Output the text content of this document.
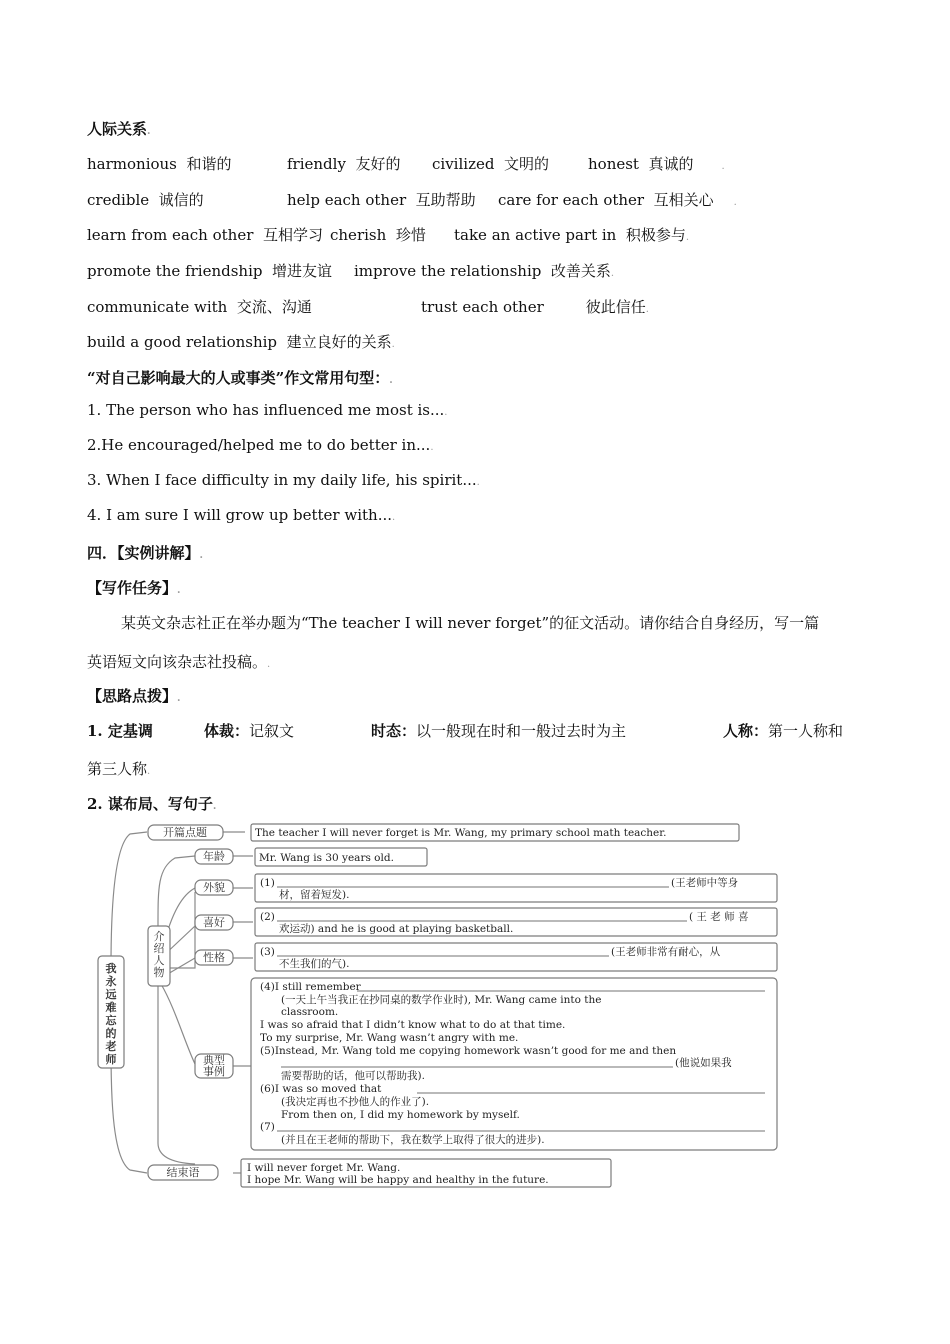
人际关系.
harmonious 和谐的	friendly 友好的 civilized 文明的	honest 真诚的	.
credible 诚信的	help each other 互助帮助 care for each other 互相关心 .
learn from each other 互相学习 cherish 珍惜 take an active part in 积极参与.
promote the friendship 增进友谊 improve the relationship 改善关系.
communicate with 交流、沟通	trust each other	彼此信任.
build a good relationship 建立良好的关系.
“对自己影响最大的人或事类”作文常用句型：.
1. The person who has influenced me most is....
2.He encouraged/helped me to do better in....
3. When I face difficulty in my daily life, his spirit....
4. I am sure I will grow up better with....
四．【实例讲解】.
【写作任务】.
某英文杂志社正在举办题为“The teacher I will never forget”的征文活动。请你结合自身经历，写一篇
英语短文向该杂志社投稿。.
【思路点拨】.
1. 定基调	体裁：记叙文	时态：以一般现在时和一般过去时为主	人称：第一人称和
第三人称.
2. 谋布局、写句子.
我永远难忘的老师
介绍人物
开篇点题	The teacher I will never forget is Mr. Wang, my primary school math teacher.
年龄	Mr. Wang is 30 years old.
外貌	(1)	(王老师中等身
材，留着短发).
喜好	(2)	( 王 老 师 喜
欢运动) and he is good at playing basketball.
性格	(3)	(王老师非常有耐心，从
不生我们的气).
典型
事例
(4)I still remember
(一天上午当我正在抄同桌的数学作业时), Mr. Wang came into the
classroom.
I was so afraid that I didn’t know what to do at that time.
To my surprise, Mr. Wang wasn’t angry with me.
(5)Instead, Mr. Wang told me copying homework wasn’t good for me and then
(他说如果我
需要帮助的话，他可以帮助我).
(6)I was so moved that
(我决定再也不抄他人的作业了).
From then on, I did my homework by myself.
(7)
(并且在王老师的帮助下，我在数学上取得了很大的进步).
结束语	I will never forget Mr. Wang.
I hope Mr. Wang will be happy and healthy in the future.
